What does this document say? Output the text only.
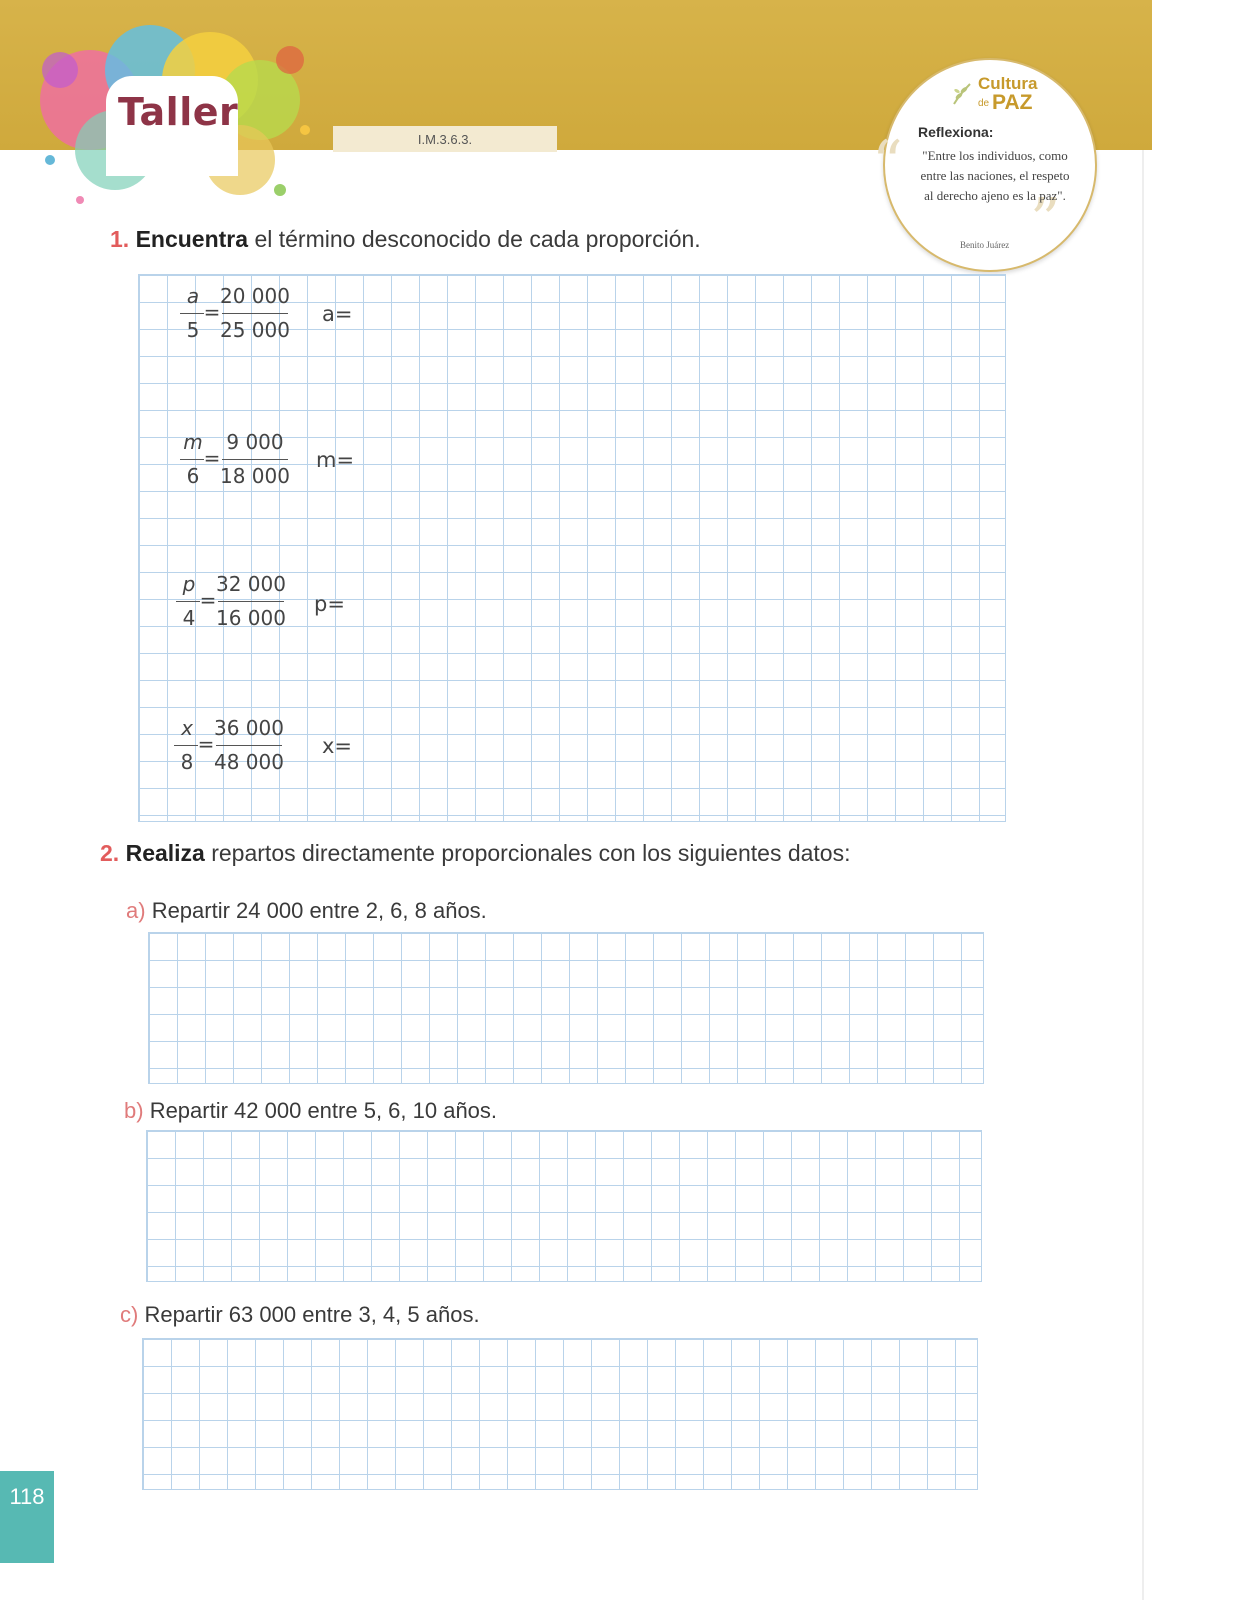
Taller
I.M.3.6.3.
Cultura
de PAZ
“
”
Reflexiona:
"Entre los individuos, como entre las naciones, el respeto al derecho ajeno es la paz".
Benito Juárez
1. Encuentra el término desconocido de cada proporción.
a
5
=
20 000
25 000
a=
m
6
=
9 000
18 000
m=
p
4
=
32 000
16 000
p=
x
8
=
36 000
48 000
x=
2. Realiza repartos directamente proporcionales con los siguientes datos:
a) Repartir 24 000 entre 2, 6, 8 años.
b) Repartir 42 000 entre 5, 6, 10 años.
c) Repartir 63 000 entre 3, 4, 5 años.
118
